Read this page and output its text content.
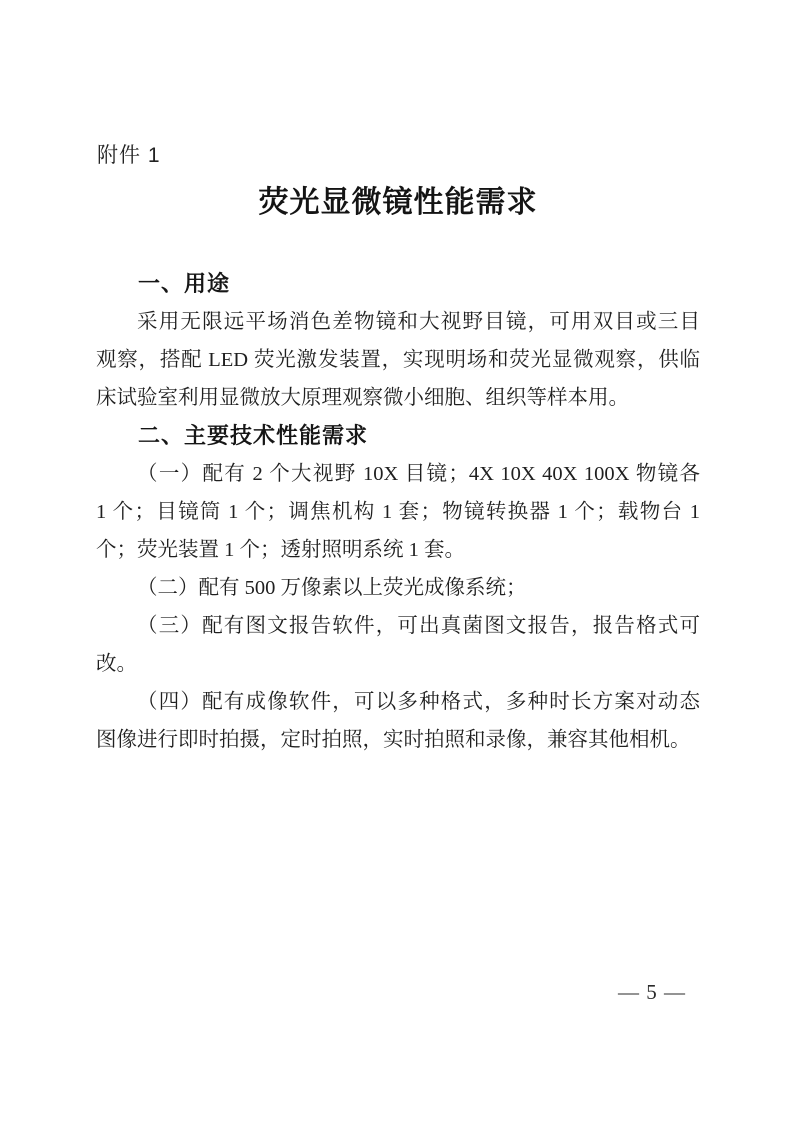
附件 1
荧光显微镜性能需求
一、用途
采用无限远平场消色差物镜和大视野目镜，可用双目或三目
观察，搭配 LED 荧光激发装置，实现明场和荧光显微观察，供临
床试验室利用显微放大原理观察微小细胞、组织等样本用。
二、主要技术性能需求
（一）配有 2 个大视野 10X 目镜；4X 10X 40X 100X 物镜各
1 个；目镜筒 1 个；调焦机构 1 套；物镜转换器 1 个；载物台 1
个；荧光装置 1 个；透射照明系统 1 套。
（二）配有 500 万像素以上荧光成像系统；
（三）配有图文报告软件，可出真菌图文报告，报告格式可
改。
（四）配有成像软件，可以多种格式，多种时长方案对动态
图像进行即时拍摄，定时拍照，实时拍照和录像，兼容其他相机。
— 5 —
